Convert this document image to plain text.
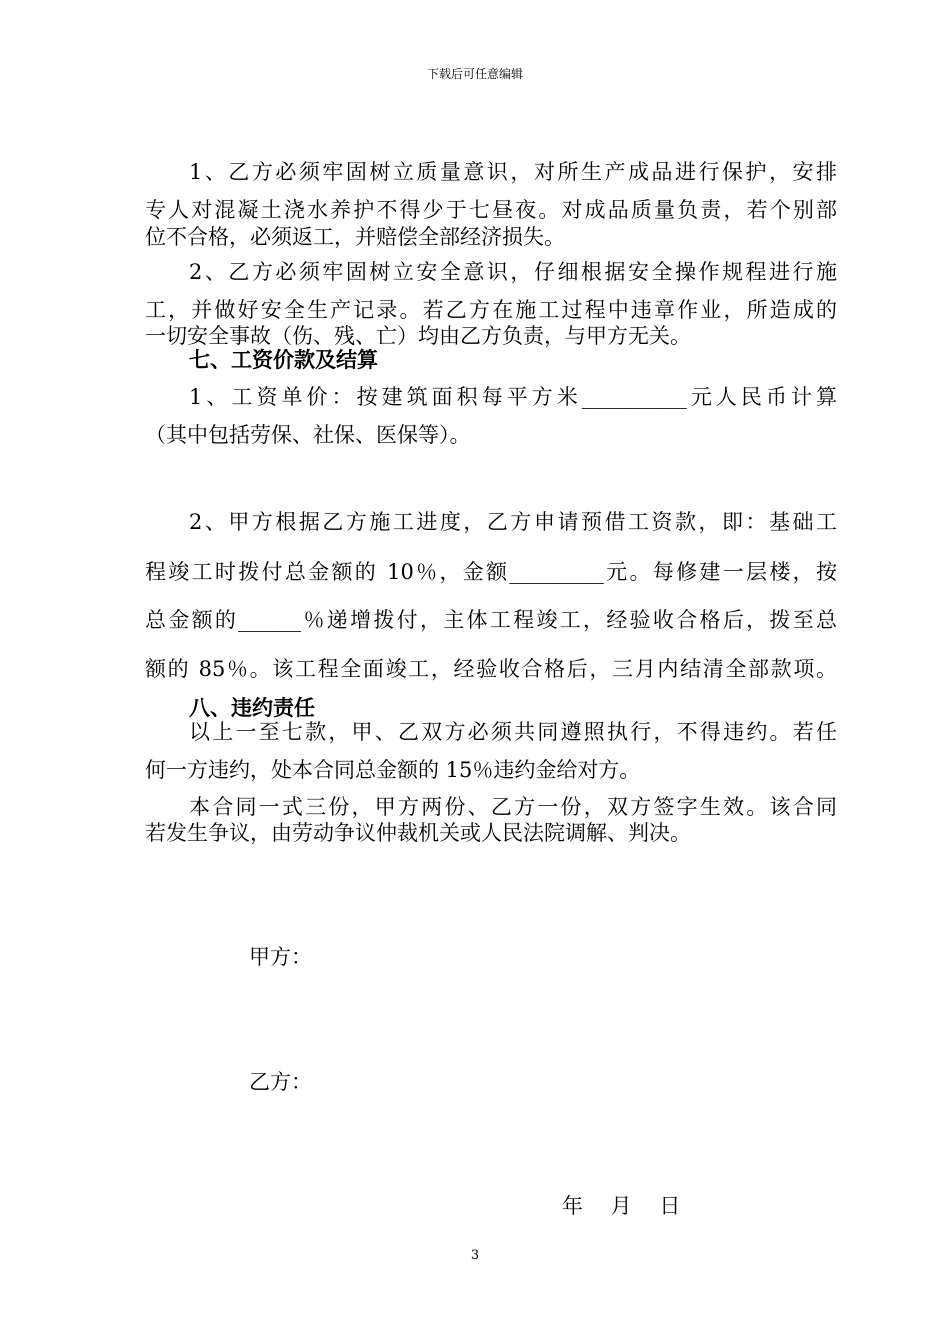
下载后可任意编辑
1、乙方必须牢固树立质量意识，对所生产成品进行保护，安排
专人对混凝土浇水养护不得少于七昼夜。对成品质量负责，若个别部
位不合格，必须返工，并赔偿全部经济损失。
2、乙方必须牢固树立安全意识，仔细根据安全操作规程进行施
工，并做好安全生产记录。若乙方在施工过程中违章作业，所造成的
一切安全事故（伤、残、亡）均由乙方负责，与甲方无关。
七、工资价款及结算
1、工资单价：按建筑面积每平方米__________元人民币计算
（其中包括劳保、社保、医保等）。
2、甲方根据乙方施工进度，乙方申请预借工资款，即：基础工
程竣工时拨付总金额的 10％，金额_________元。每修建一层楼，按
总金额的______％递增拨付，主体工程竣工，经验收合格后，拨至总
额的 85％。该工程全面竣工，经验收合格后，三月内结清全部款项。
八、违约责任
以上一至七款，甲、乙双方必须共同遵照执行，不得违约。若任
何一方违约，处本合同总金额的 15％违约金给对方。
本合同一式三份，甲方两份、乙方一份，双方签字生效。该合同
若发生争议，由劳动争议仲裁机关或人民法院调解、判决。
甲方：
乙方：
年　 月　 日
3
